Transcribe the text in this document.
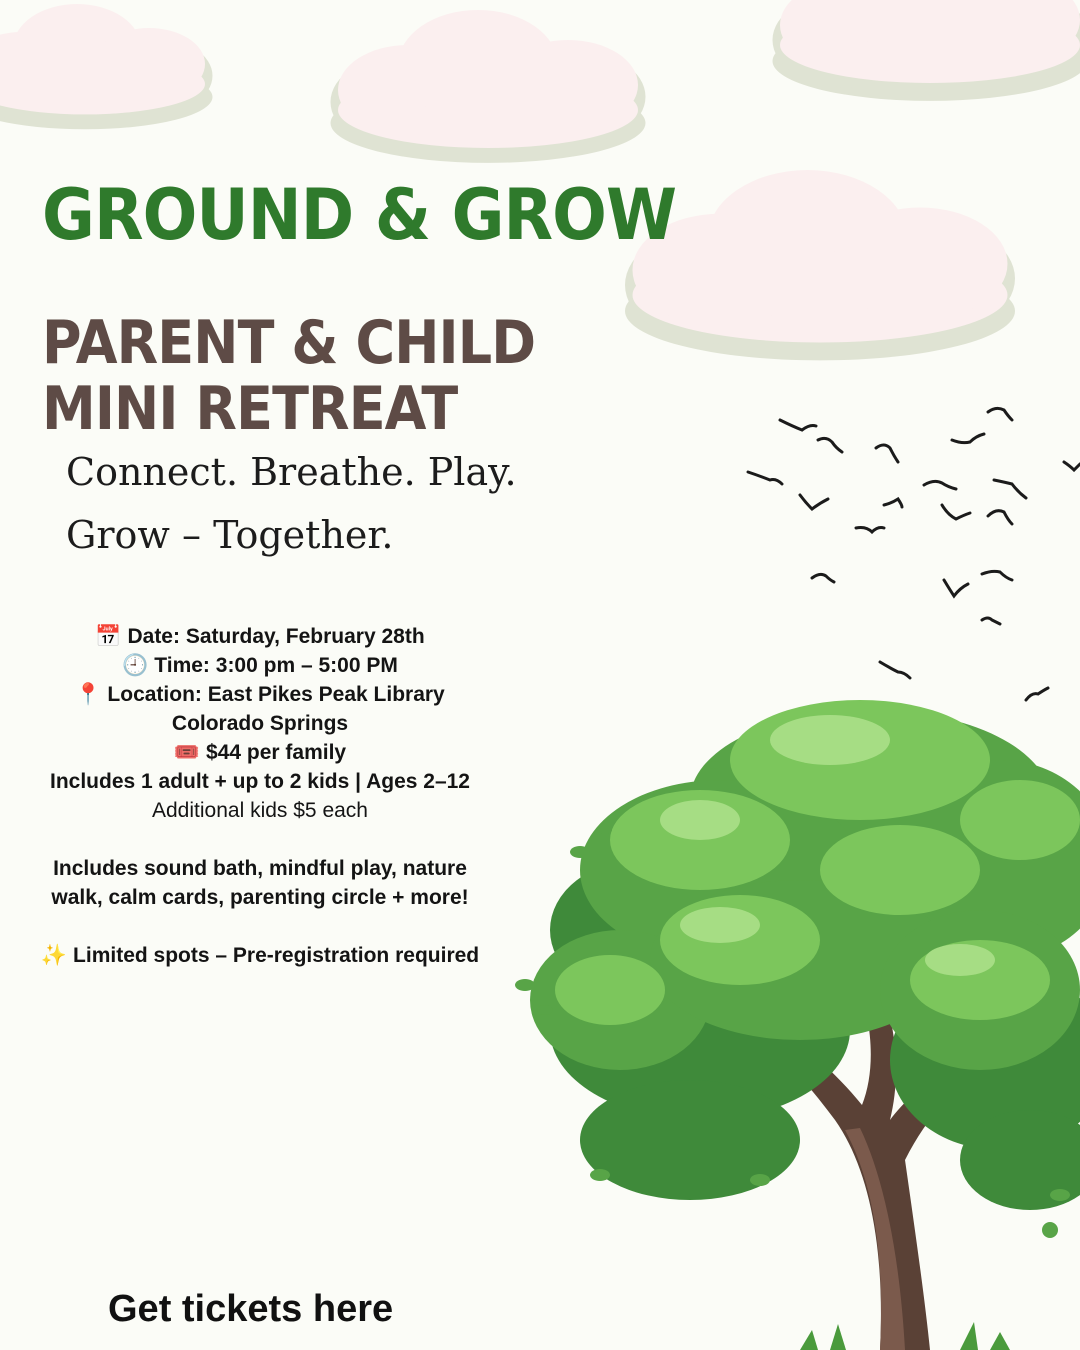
GROUND & GROW
PARENT & CHILD
MINI RETREAT
Connect. Breathe. Play.
Grow – Together.
📅 Date: Saturday, February 28th
🕘 Time: 3:00 pm – 5:00 PM
📍 Location: East Pikes Peak Library
Colorado Springs
🎟️ $44 per family
Includes 1 adult + up to 2 kids | Ages 2–12
Additional kids $5 each
Includes sound bath, mindful play, nature
walk, calm cards, parenting circle + more!
✨ Limited spots – Pre-registration required
Get tickets here
